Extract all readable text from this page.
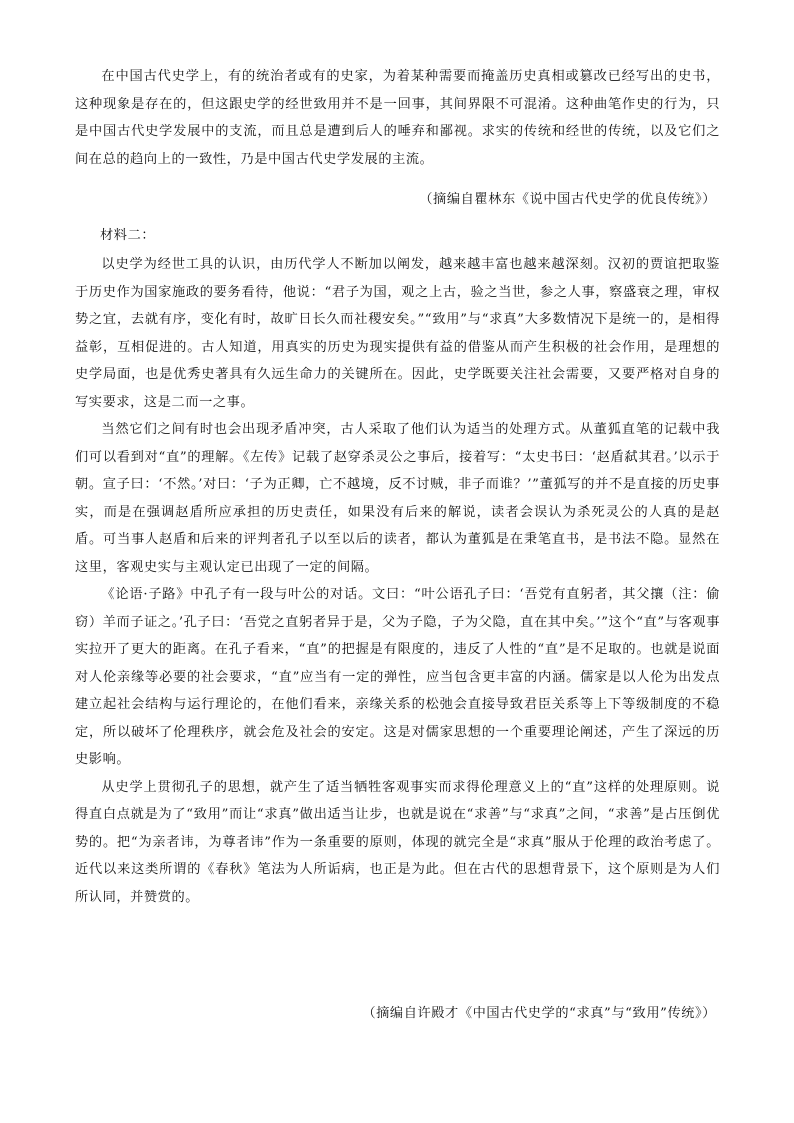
在中国古代史学上，有的统治者或有的史家，为着某种需要而掩盖历史真相或篡改已经写出的史书，这种现象是存在的，但这跟史学的经世致用并不是一回事，其间界限不可混淆。这种曲笔作史的行为，只是中国古代史学发展中的支流，而且总是遭到后人的唾弃和鄙视。求实的传统和经世的传统，以及它们之间在总的趋向上的一致性，乃是中国古代史学发展的主流。

（摘编自瞿林东《说中国古代史学的优良传统》）

材料二：

以史学为经世工具的认识，由历代学人不断加以阐发，越来越丰富也越来越深刻。汉初的贾谊把取鉴于历史作为国家施政的要务看待，他说：“君子为国，观之上古，验之当世，参之人事，察盛衰之理，审权势之宜，去就有序，变化有时，故旷日长久而社稷安矣。”“致用”与“求真”大多数情况下是统一的，是相得益彰，互相促进的。古人知道，用真实的历史为现实提供有益的借鉴从而产生积极的社会作用，是理想的史学局面，也是优秀史著具有久远生命力的关键所在。因此，史学既要关注社会需要，又要严格对自身的写实要求，这是二而一之事。

当然它们之间有时也会出现矛盾冲突，古人采取了他们认为适当的处理方式。从董狐直笔的记载中我们可以看到对“直”的理解。《左传》记载了赵穿杀灵公之事后，接着写：“太史书曰：‘赵盾弑其君。’以示于朝。宣子曰：‘不然。’对曰：‘子为正卿，亡不越境，反不讨贼，非子而谁？’”董狐写的并不是直接的历史事实，而是在强调赵盾所应承担的历史责任，如果没有后来的解说，读者会误认为杀死灵公的人真的是赵盾。可当事人赵盾和后来的评判者孔子以至以后的读者，都认为董狐是在秉笔直书，是书法不隐。显然在这里，客观史实与主观认定已出现了一定的间隔。

《论语·子路》中孔子有一段与叶公的对话。文曰：“叶公语孔子曰：‘吾党有直躬者，其父攘（注：偷窃）羊而子证之。’孔子曰：‘吾党之直躬者异于是，父为子隐，子为父隐，直在其中矣。’”这个“直”与客观事实拉开了更大的距离。在孔子看来，“直”的把握是有限度的，违反了人性的“直”是不足取的。也就是说面对人伦亲缘等必要的社会要求，“直”应当有一定的弹性，应当包含更丰富的内涵。儒家是以人伦为出发点建立起社会结构与运行理论的，在他们看来，亲缘关系的松弛会直接导致君臣关系等上下等级制度的不稳定，所以破坏了伦理秩序，就会危及社会的安定。这是对儒家思想的一个重要理论阐述，产生了深远的历史影响。

从史学上贯彻孔子的思想，就产生了适当牺牲客观事实而求得伦理意义上的“直”这样的处理原则。说得直白点就是为了“致用”而让“求真”做出适当让步，也就是说在“求善”与“求真”之间，“求善”是占压倒优势的。把“为亲者讳，为尊者讳”作为一条重要的原则，体现的就完全是“求真”服从于伦理的政治考虑了。近代以来这类所谓的《春秋》笔法为人所诟病，也正是为此。但在古代的思想背景下，这个原则是为人们所认同，并赞赏的。

（摘编自许殿才《中国古代史学的“求真”与“致用”传统》）
